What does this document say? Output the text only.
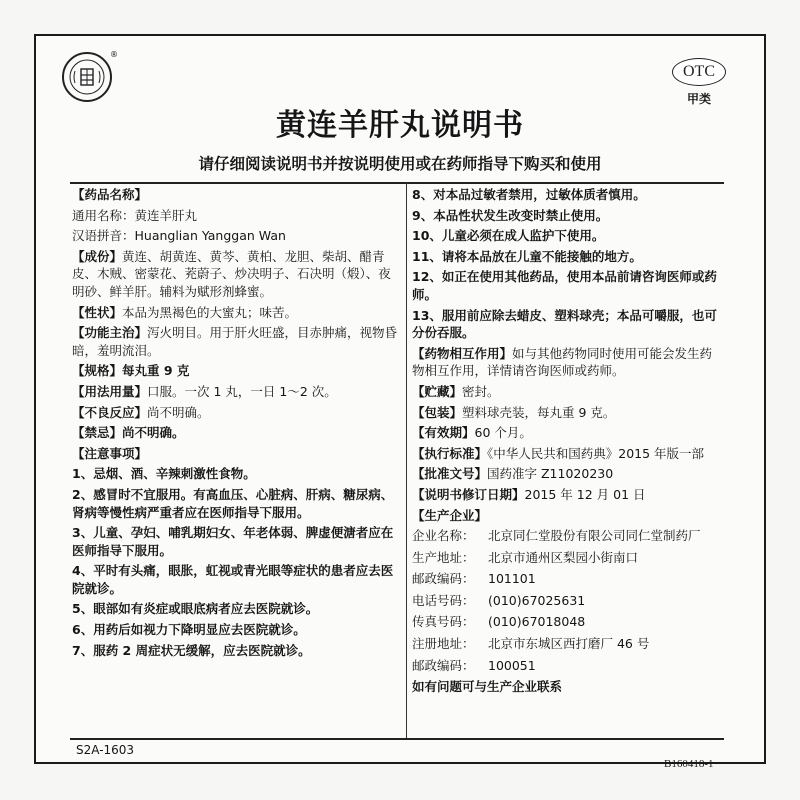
®
OTC
甲类
黄连羊肝丸说明书
请仔细阅读说明书并按说明使用或在药师指导下购买和使用

【药品名称】

通用名称：黄连羊肝丸

汉语拼音：Huanglian Yanggan Wan

【成份】黄连、胡黄连、黄芩、黄柏、龙胆、柴胡、醋青皮、木贼、密蒙花、茺蔚子、炒决明子、石决明（煅）、夜明砂、鲜羊肝。辅料为赋形剂蜂蜜。

【性状】本品为黑褐色的大蜜丸；味苦。

【功能主治】泻火明目。用于肝火旺盛，目赤肿痛，视物昏暗，羞明流泪。

【规格】每丸重 9 克

【用法用量】口服。一次 1 丸，一日 1～2 次。

【不良反应】尚不明确。

【禁忌】尚不明确。

【注意事项】

1、忌烟、酒、辛辣刺激性食物。

2、感冒时不宜服用。有高血压、心脏病、肝病、糖尿病、肾病等慢性病严重者应在医师指导下服用。

3、儿童、孕妇、哺乳期妇女、年老体弱、脾虚便溏者应在医师指导下服用。

4、平时有头痛，眼胀，虹视或青光眼等症状的患者应去医院就诊。

5、眼部如有炎症或眼底病者应去医院就诊。

6、用药后如视力下降明显应去医院就诊。

7、服药 2 周症状无缓解，应去医院就诊。

8、对本品过敏者禁用，过敏体质者慎用。

9、本品性状发生改变时禁止使用。

10、儿童必须在成人监护下使用。

11、请将本品放在儿童不能接触的地方。

12、如正在使用其他药品，使用本品前请咨询医师或药师。

13、服用前应除去蜡皮、塑料球壳；本品可嚼服，也可分份吞服。

【药物相互作用】如与其他药物同时使用可能会发生药物相互作用，详情请咨询医师或药师。

【贮藏】密封。

【包装】塑料球壳装，每丸重 9 克。

【有效期】60 个月。

【执行标准】《中华人民共和国药典》2015 年版一部

【批准文号】国药准字 Z11020230

【说明书修订日期】2015 年 12 月 01 日

【生产企业】

企业名称：	北京同仁堂股份有限公司同仁堂制药厂
生产地址：	北京市通州区梨园小街南口
邮政编码：	101101
电话号码：	(010)67025631
传真号码：	(010)67018048
注册地址：	北京市东城区西打磨厂 46 号
邮政编码：	100051

如有问题可与生产企业联系

S2A-1603
B160418-1
